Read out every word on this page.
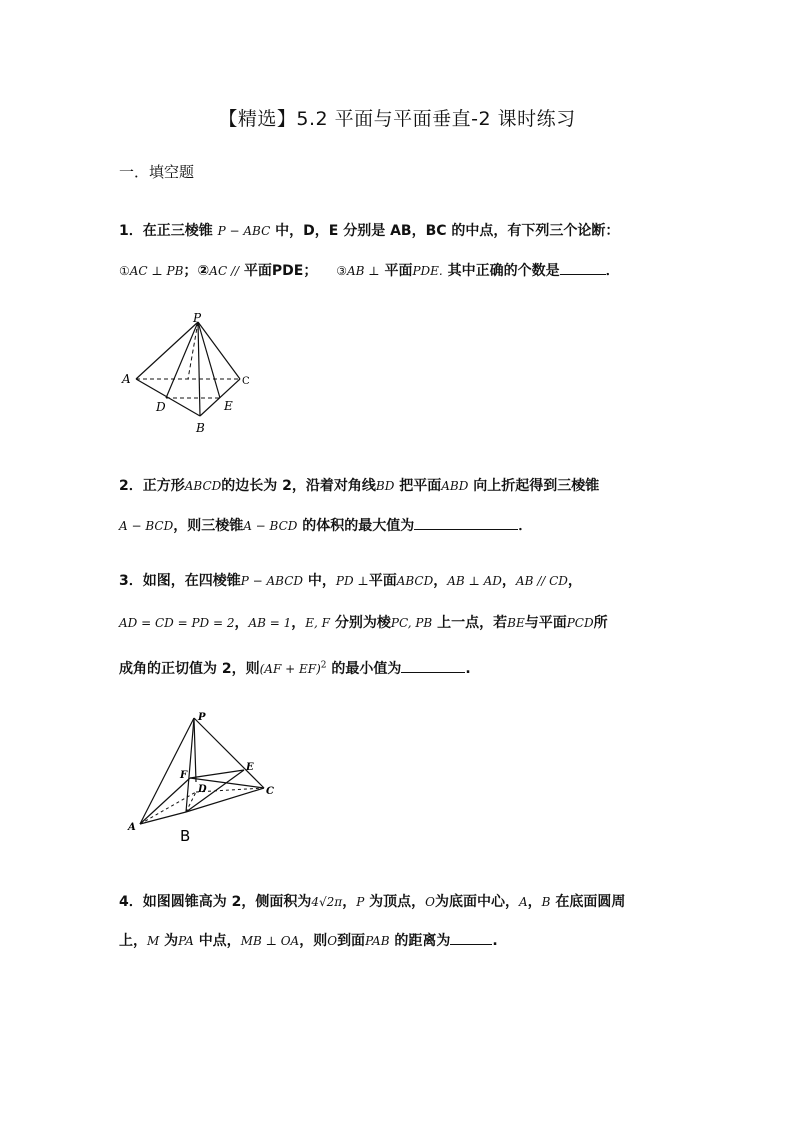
【精选】5.2 平面与平面垂直-2 课时练习
一．填空题
1．在正三棱锥 P − ABC 中，D，E 分别是 AB，BC 的中点，有下列三个论断：
①AC ⊥ PB；②AC // 平面PDE； ③AB ⊥ 平面PDE. 其中正确的个数是	．
P
A	C
D	E
B
2．正方形ABCD的边长为 2，沿着对角线BD 把平面ABD 向上折起得到三棱锥
A − BCD，则三棱锥A − BCD 的体积的最大值为	．
3．如图，在四棱锥P − ABCD 中，PD ⊥平面ABCD，AB ⊥ AD，AB // CD，
AD = CD = PD = 2，AB = 1，E, F 分别为棱PC, PB 上一点，若BE与平面PCD所
成角的正切值为 2，则(AF + EF)$^2$ 的最小值为	.
P
F
E
D	C
A	B
4．如图圆锥高为 2，侧面积为4√2π，P 为顶点，O为底面中心，A，B 在底面圆周
上，M 为PA 中点，MB ⊥ OA，则O到面PAB 的距离为	.
